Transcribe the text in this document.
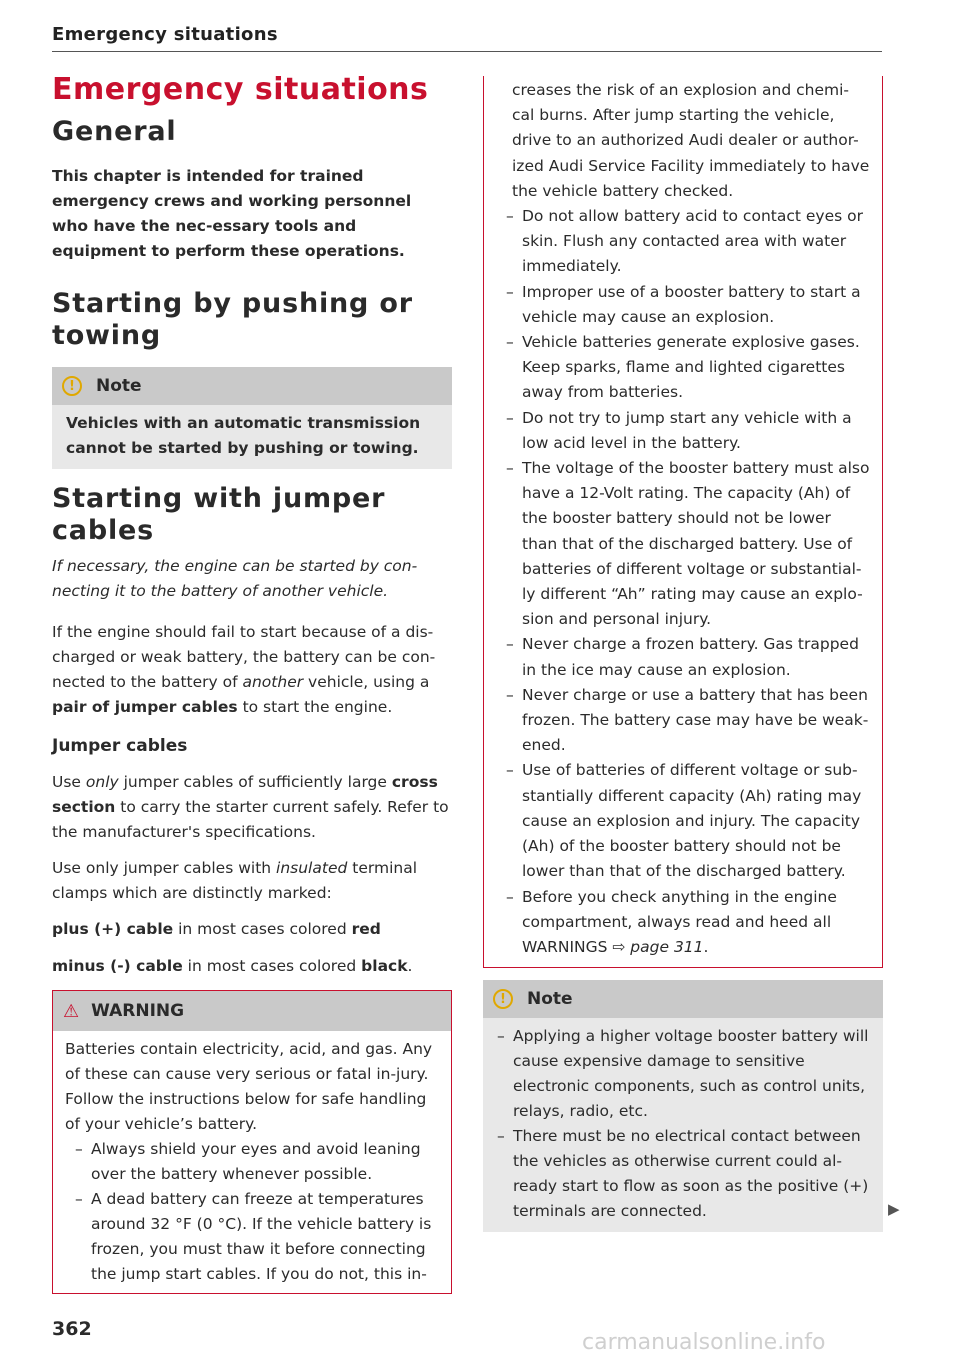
Emergency situations
Emergency situations
General
This chapter is intended for trained emergency crews and working personnel who have the nec-essary tools and equipment to perform these operations.
Starting by pushing or towing
!	Note
Vehicles with an automatic transmission cannot be started by pushing or towing.
Starting with jumper cables
If necessary, the engine can be started by con-necting it to the battery of another vehicle.
If the engine should fail to start because of a dis-charged or weak battery, the battery can be con-nected to the battery of another vehicle, using a pair of jumper cables to start the engine.
Jumper cables
Use only jumper cables of sufficiently large cross section to carry the starter current safely. Refer to the manufacturer's specifications.
Use only jumper cables with insulated terminal clamps which are distinctly marked:
plus (+) cable in most cases colored red
minus (-) cable in most cases colored black.
⚠ WARNING
Batteries contain electricity, acid, and gas. Any of these can cause very serious or fatal in-jury. Follow the instructions below for safe handling of your vehicle’s battery.
– Always shield your eyes and avoid leaning over the battery whenever possible.
– A dead battery can freeze at temperatures around 32 °F (0 °C). If the vehicle battery is frozen, you must thaw it before connecting the jump start cables. If you do not, this in-
creases the risk of an explosion and chemi-cal burns. After jump starting the vehicle, drive to an authorized Audi dealer or author-ized Audi Service Facility immediately to have the vehicle battery checked.
– Do not allow battery acid to contact eyes or skin. Flush any contacted area with water immediately.
– Improper use of a booster battery to start a vehicle may cause an explosion.
– Vehicle batteries generate explosive gases. Keep sparks, flame and lighted cigarettes away from batteries.
– Do not try to jump start any vehicle with a low acid level in the battery.
– The voltage of the booster battery must also have a 12-Volt rating. The capacity (Ah) of the booster battery should not be lower than that of the discharged battery. Use of batteries of different voltage or substantial-ly different “Ah” rating may cause an explo-sion and personal injury.
– Never charge a frozen battery. Gas trapped in the ice may cause an explosion.
– Never charge or use a battery that has been frozen. The battery case may have be weak-ened.
– Use of batteries of different voltage or sub-stantially different capacity (Ah) rating may cause an explosion and injury. The capacity (Ah) of the booster battery should not be lower than that of the discharged battery.
– Before you check anything in the engine compartment, always read and heed all WARNINGS ⇨ page 311.
!	Note
– Applying a higher voltage booster battery will cause expensive damage to sensitive electronic components, such as control units, relays, radio, etc.
– There must be no electrical contact between the vehicles as otherwise current could al-ready start to flow as soon as the positive (+) terminals are connected.	▶
362
carmanualsonline.info
